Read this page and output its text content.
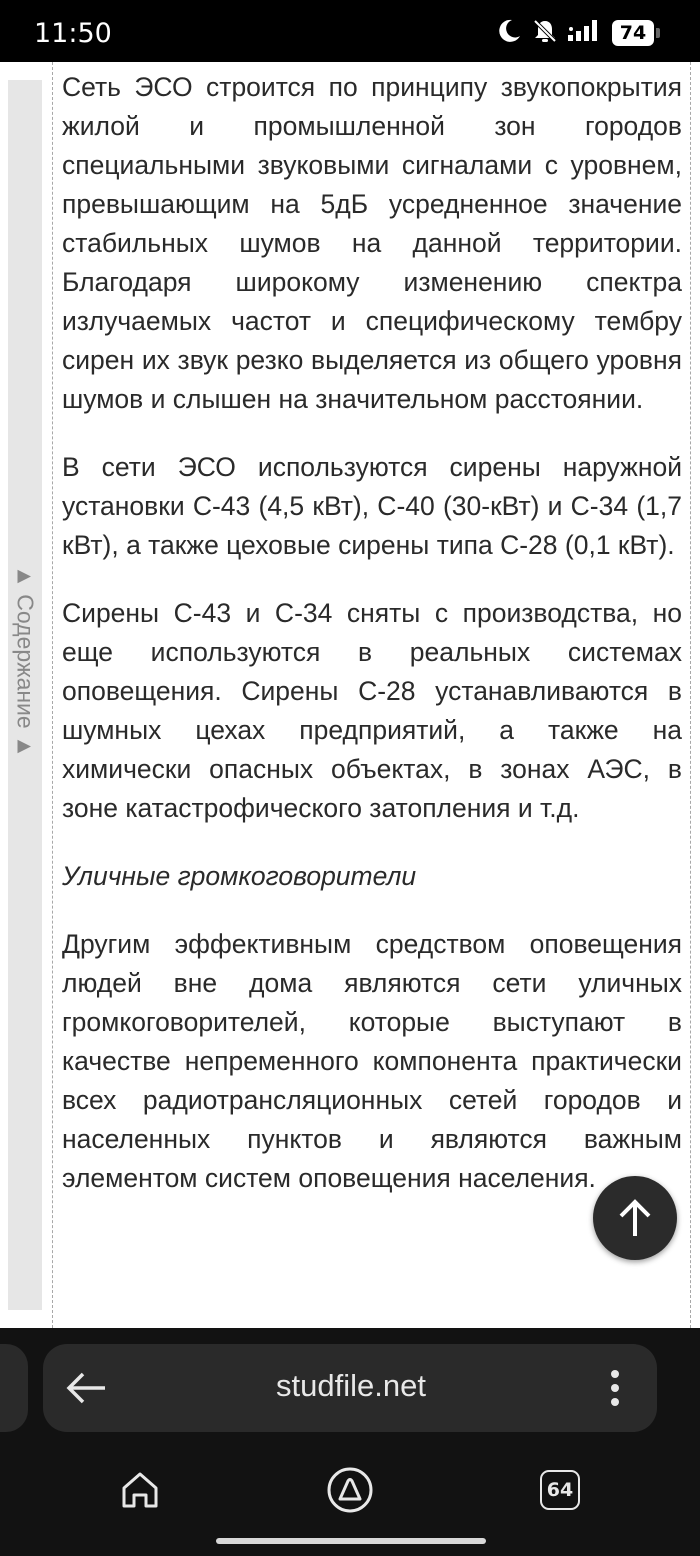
11:50	74
▲ Содержание ▲

Сеть ЭСО строится по принципу звукопокрытия жилой и промышленной зон городов специальными звуковыми сигналами с уровнем, превышающим на 5дБ усредненное значение стабильных шумов на данной территории. Благодаря широкому изменению спектра излучаемых частот и специфическому тембру сирен их звук резко выделяется из общего уровня шумов и слышен на значительном расстоянии.

В сети ЭСО используются сирены наружной установки С-43 (4,5 кВт), С-40 (30-кВт) и С-34 (1,7 кВт), а также цеховые сирены типа С-28 (0,1 кВт).

Сирены С-43 и С-34 сняты с производства, но еще используются в реальных системах оповещения. Сирены С-28 устанавливаются в шумных цехах предприятий, а также на химически опасных объектах, в зонах АЭС, в зоне катастрофического затопления и т.д.

Уличные громкоговорители

Другим эффективным средством оповещения людей вне дома являются сети уличных громкоговорителей, которые выступают в качестве непременного компонента практически всех радиотрансляционных сетей городов и населенных пунктов и являются важным элементом систем оповещения населения.

studfile.net
64
